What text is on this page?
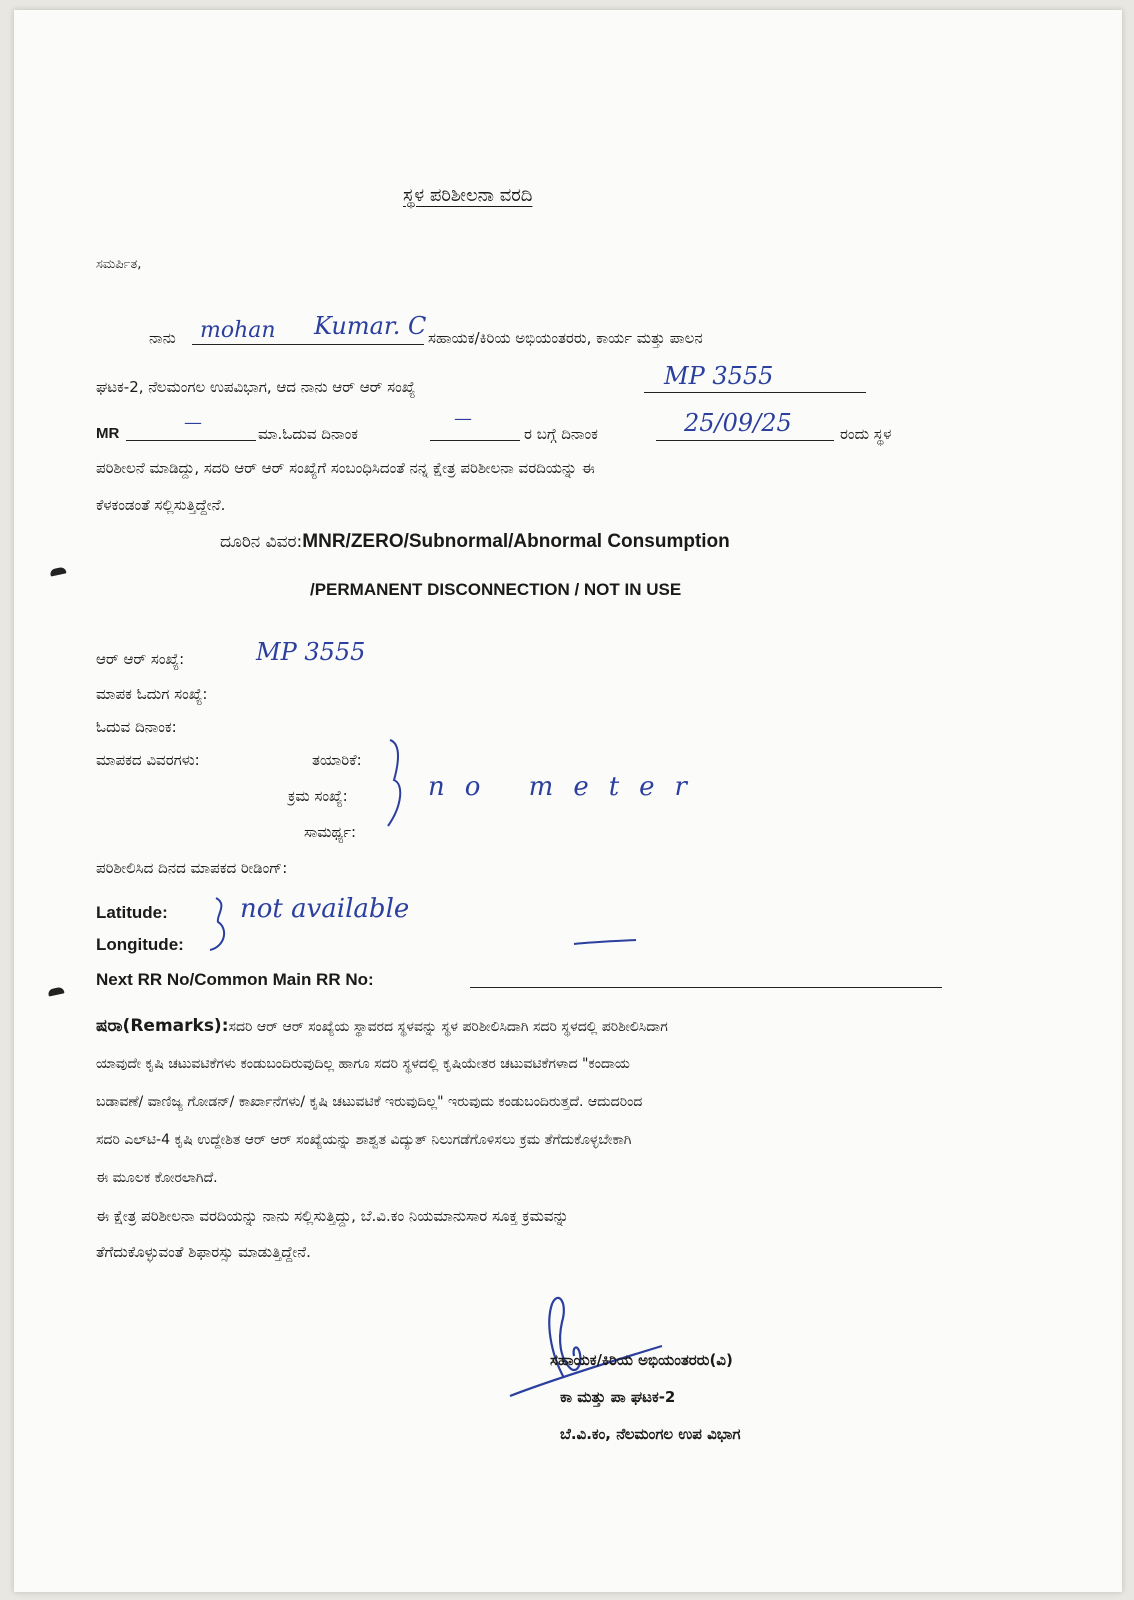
ಸ್ಥಳ ಪರಿಶೀಲನಾ ವರದಿ
ಸಮರ್ಪಿತ,
ನಾನು mohan Kumar. C ಸಹಾಯಕ/ಕಿರಿಯ ಅಭಿಯಂತರರು, ಕಾರ್ಯ ಮತ್ತು ಪಾಲನ
ಘಟಕ-2, ನೆಲಮಂಗಲ ಉಪವಿಭಾಗ, ಆದ ನಾನು ಆರ್ ಆರ್ ಸಂಖ್ಯೆ	MP 3555
MR
—
ಮಾ.ಓದುವ ದಿನಾಂಕ
—
ರ ಬಗ್ಗೆ ದಿನಾಂಕ	25/09/25	ರಂದು ಸ್ಥಳ
ಪರಿಶೀಲನೆ ಮಾಡಿದ್ದು, ಸದರಿ ಆರ್ ಆರ್ ಸಂಖ್ಯೆಗೆ ಸಂಬಂಧಿಸಿದಂತೆ ನನ್ನ ಕ್ಷೇತ್ರ ಪರಿಶೀಲನಾ ವರದಿಯನ್ನು ಈ
ಕೆಳಕಂಡಂತೆ ಸಲ್ಲಿಸುತ್ತಿದ್ದೇನೆ.
ದೂರಿನ ವಿವರ:MNR/ZERO/Subnormal/Abnormal Consumption
/PERMANENT DISCONNECTION / NOT IN USE
ಆರ್ ಆರ್ ಸಂಖ್ಯೆ:	MP 3555
ಮಾಪಕ ಓದುಗ ಸಂಖ್ಯೆ:
ಓದುವ ದಿನಾಂಕ:
ಮಾಪಕದ ವಿವರಗಳು:	ತಯಾರಿಕೆ:
ಕ್ರಮ ಸಂಖ್ಯೆ:
ಸಾಮರ್ಥ್ಯ:
no meter
ಪರಿಶೀಲಿಸಿದ ದಿನದ ಮಾಪಕದ ರೀಡಿಂಗ್:
Latitude:
Longitude:
not available
Next RR No/Common Main RR No:
ಷರಾ(Remarks):ಸದರಿ ಆರ್ ಆರ್ ಸಂಖ್ಯೆಯ ಸ್ಥಾವರದ ಸ್ಥಳವನ್ನು ಸ್ಥಳ ಪರಿಶೀಲಿಸಿದಾಗಿ ಸದರಿ ಸ್ಥಳದಲ್ಲಿ ಪರಿಶೀಲಿಸಿದಾಗ
ಯಾವುದೇ ಕೃಷಿ ಚಟುವಟಿಕೆಗಳು ಕಂಡುಬಂದಿರುವುದಿಲ್ಲ ಹಾಗೂ ಸದರಿ ಸ್ಥಳದಲ್ಲಿ ಕೃಷಿಯೇತರ ಚಟುವಟಿಕೆಗಳಾದ "ಕಂದಾಯ
ಬಡಾವಣೆ/ ವಾಣಿಜ್ಯ ಗೋಡನ್/ ಕಾರ್ಖಾನೆಗಳು/ ಕೃಷಿ ಚಟುವಟಿಕೆ ಇರುವುದಿಲ್ಲ" ಇರುವುದು ಕಂಡುಬಂದಿರುತ್ತದೆ. ಆದುದರಿಂದ
ಸದರಿ ಎಲ್‌ಟಿ-4 ಕೃಷಿ ಉದ್ದೇಶಿತ ಆರ್ ಆರ್ ಸಂಖ್ಯೆಯನ್ನು ಶಾಶ್ವತ ವಿದ್ಯುತ್ ನಿಲುಗಡೆಗೊಳಿಸಲು ಕ್ರಮ ತೆಗೆದುಕೊಳ್ಳಬೇಕಾಗಿ
ಈ ಮೂಲಕ ಕೋರಲಾಗಿದೆ.
ಈ ಕ್ಷೇತ್ರ ಪರಿಶೀಲನಾ ವರದಿಯನ್ನು ನಾನು ಸಲ್ಲಿಸುತ್ತಿದ್ದು, ಬೆ.ವಿ.ಕಂ ನಿಯಮಾನುಸಾರ ಸೂಕ್ತ ಕ್ರಮವನ್ನು
ತೆಗೆದುಕೊಳ್ಳುವಂತೆ ಶಿಫಾರಸ್ಸು ಮಾಡುತ್ತಿದ್ದೇನೆ.
ಸಹಾಯಕ/ಕಿರಿಯ ಅಭಿಯಂತರರು(ವಿ)
ಕಾ ಮತ್ತು ಪಾ ಘಟಕ-2
ಬೆ.ವಿ.ಕಂ, ನೆಲಮಂಗಲ ಉಪ ವಿಭಾಗ
